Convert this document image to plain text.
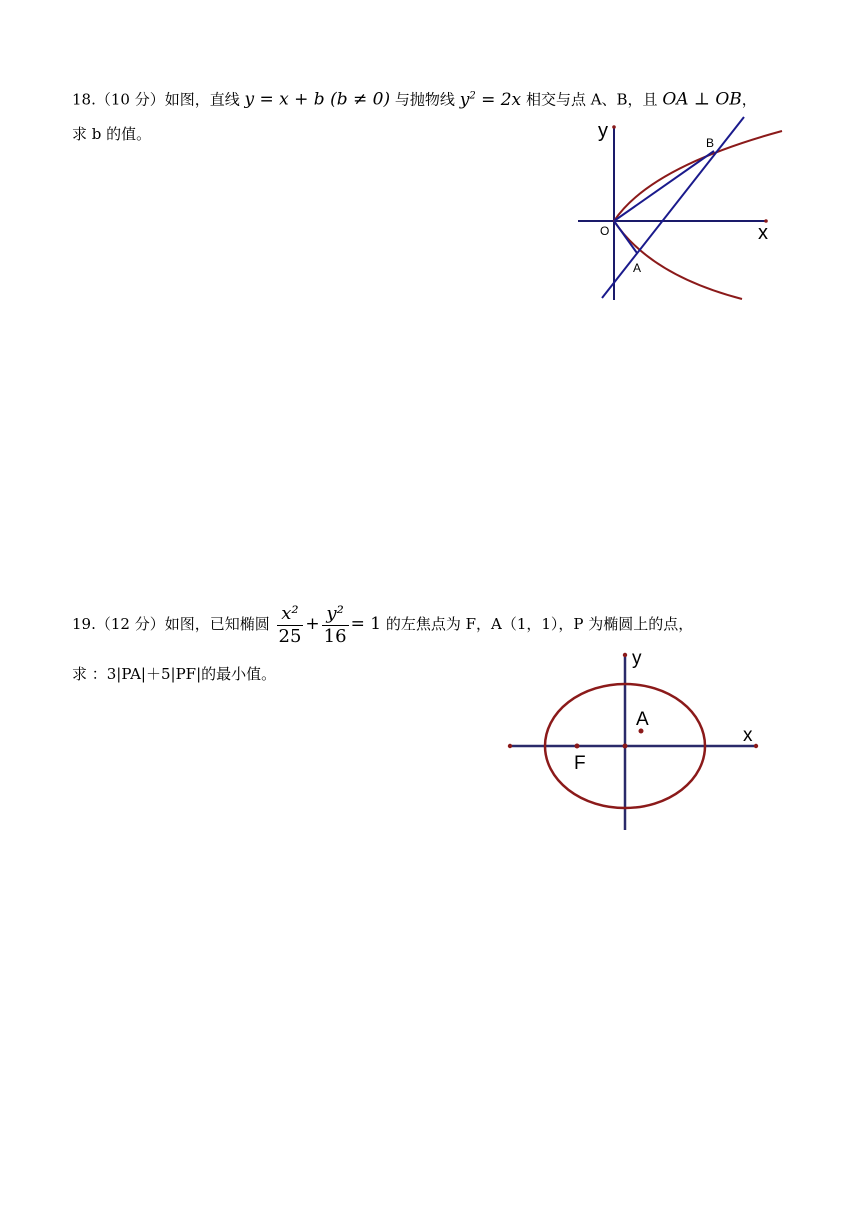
18.（10 分）如图，直线 y = x + b (b ≠ 0) 与抛物线 $y^2 = 2x$ 相交与点 A、B，且 OA ⊥ OB，
求 b 的值。	y
x
O
A
B
19.（12 分）如图，已知椭圆 $\frac{\text{x²}}{25} + \frac{\text{y²}}{16} = 1$ 的左焦点为 F，A（1，1），P 为椭圆上的点，
求 ：3|PA|＋5|PF|的最小值。
y
x
A
F
